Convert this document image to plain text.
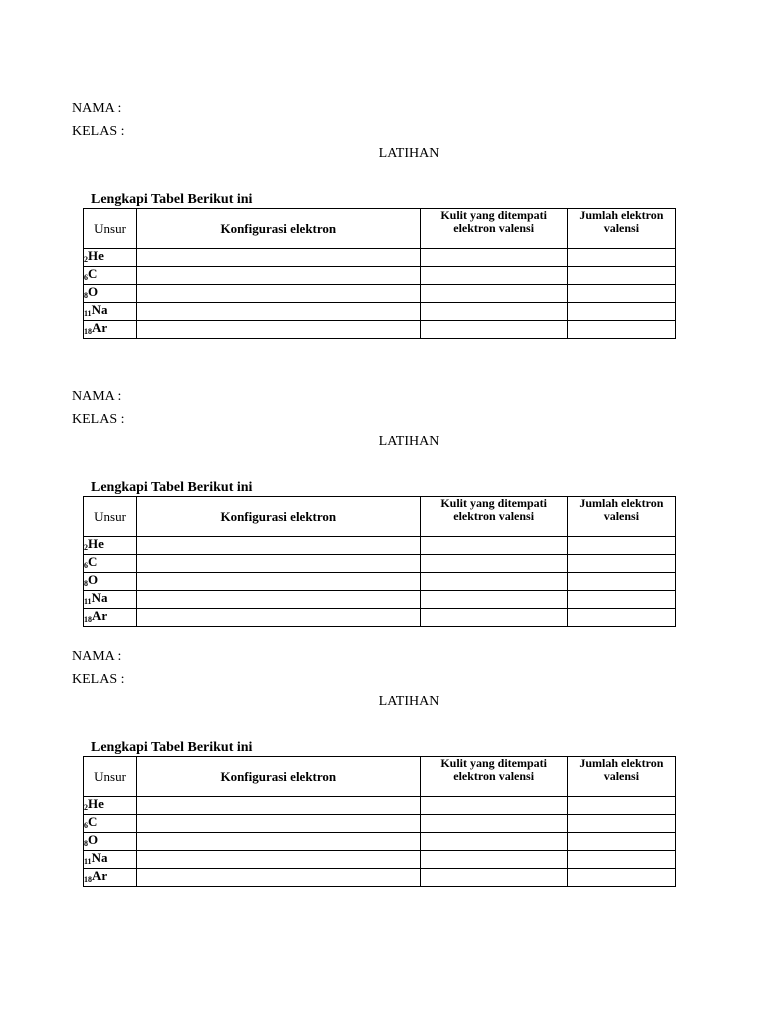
NAMA :
KELAS :
LATIHAN
Lengkapi Tabel Berikut ini
Unsur	Konfigurasi elektron	Kulit yang ditempati elektron valensi	Jumlah elektron valensi
$_2$He			
$_6$C			
$_8$O			
$_{11}$Na			
$_{18}$Ar			
NAMA :
KELAS :
LATIHAN
Lengkapi Tabel Berikut ini
Unsur	Konfigurasi elektron	Kulit yang ditempati elektron valensi	Jumlah elektron valensi
$_2$He			
$_6$C			
$_8$O			
$_{11}$Na			
$_{18}$Ar			
NAMA :
KELAS :
LATIHAN
Lengkapi Tabel Berikut ini
Unsur	Konfigurasi elektron	Kulit yang ditempati elektron valensi	Jumlah elektron valensi
$_2$He			
$_6$C			
$_8$O			
$_{11}$Na			
$_{18}$Ar			
